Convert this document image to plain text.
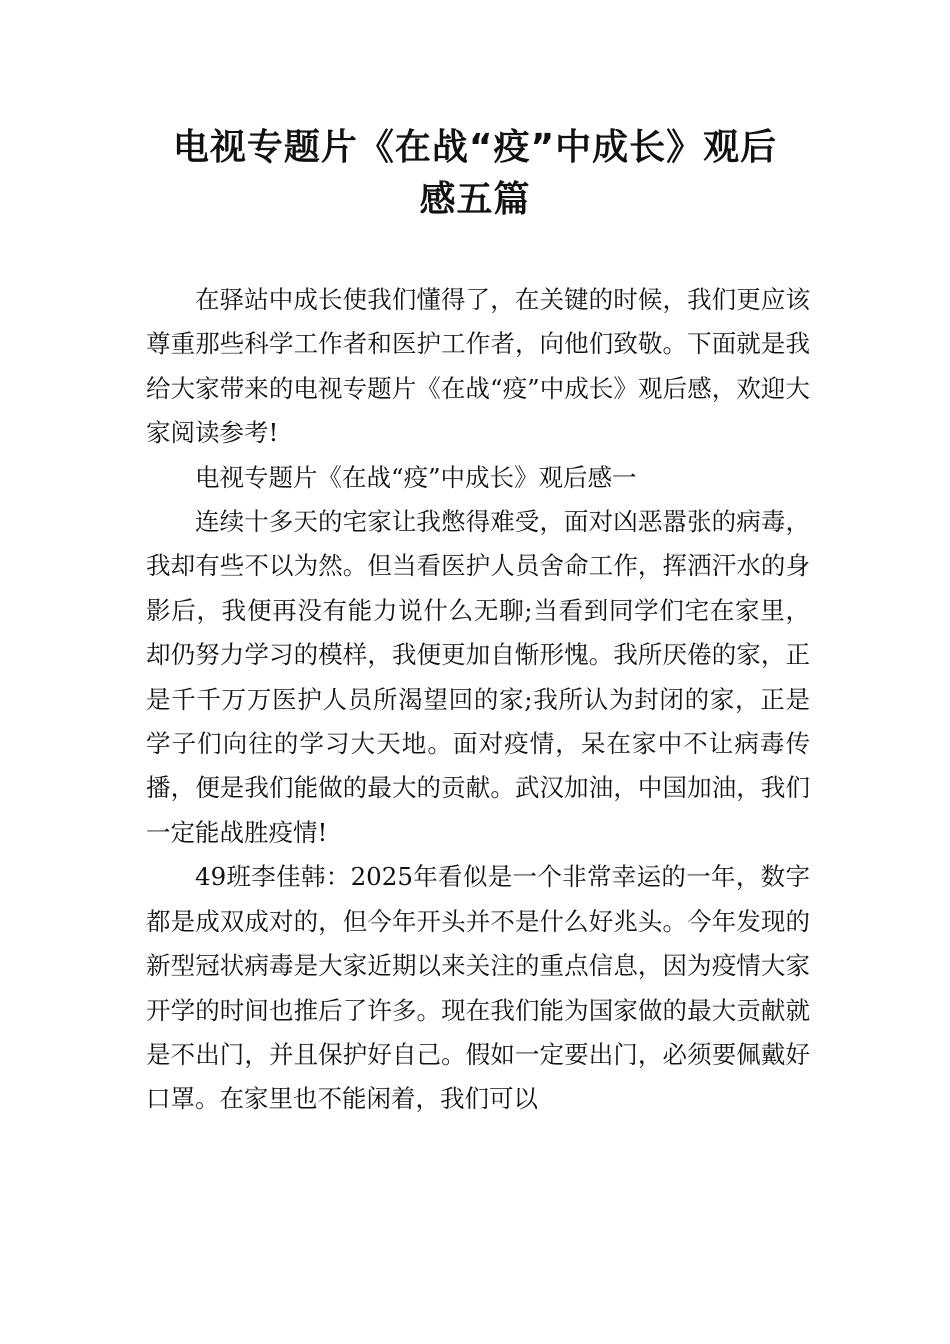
电视专题片《在战“疫”中成长》观后
感五篇

在驿站中成长使我们懂得了，在关键的时候，我们更应该尊重那些科学工作者和医护工作者，向他们致敬。下面就是我给大家带来的电视专题片《在战“疫”中成长》观后感，欢迎大家阅读参考!

电视专题片《在战“疫”中成长》观后感一

连续十多天的宅家让我憋得难受，面对凶恶嚣张的病毒，我却有些不以为然。但当看医护人员舍命工作，挥洒汗水的身影后，我便再没有能力说什么无聊;当看到同学们宅在家里，却仍努力学习的模样，我便更加自惭形愧。我所厌倦的家，正是千千万万医护人员所渴望回的家;我所认为封闭的家，正是学子们向往的学习大天地。面对疫情，呆在家中不让病毒传播，便是我们能做的最大的贡献。武汉加油，中国加油，我们一定能战胜疫情!

49班李佳韩：2025年看似是一个非常幸运的一年，数字都是成双成对的，但今年开头并不是什么好兆头。今年发现的新型冠状病毒是大家近期以来关注的重点信息，因为疫情大家开学的时间也推后了许多。现在我们能为国家做的最大贡献就是不出门，并且保护好自己。假如一定要出门，必须要佩戴好口罩。在家里也不能闲着，我们可以
